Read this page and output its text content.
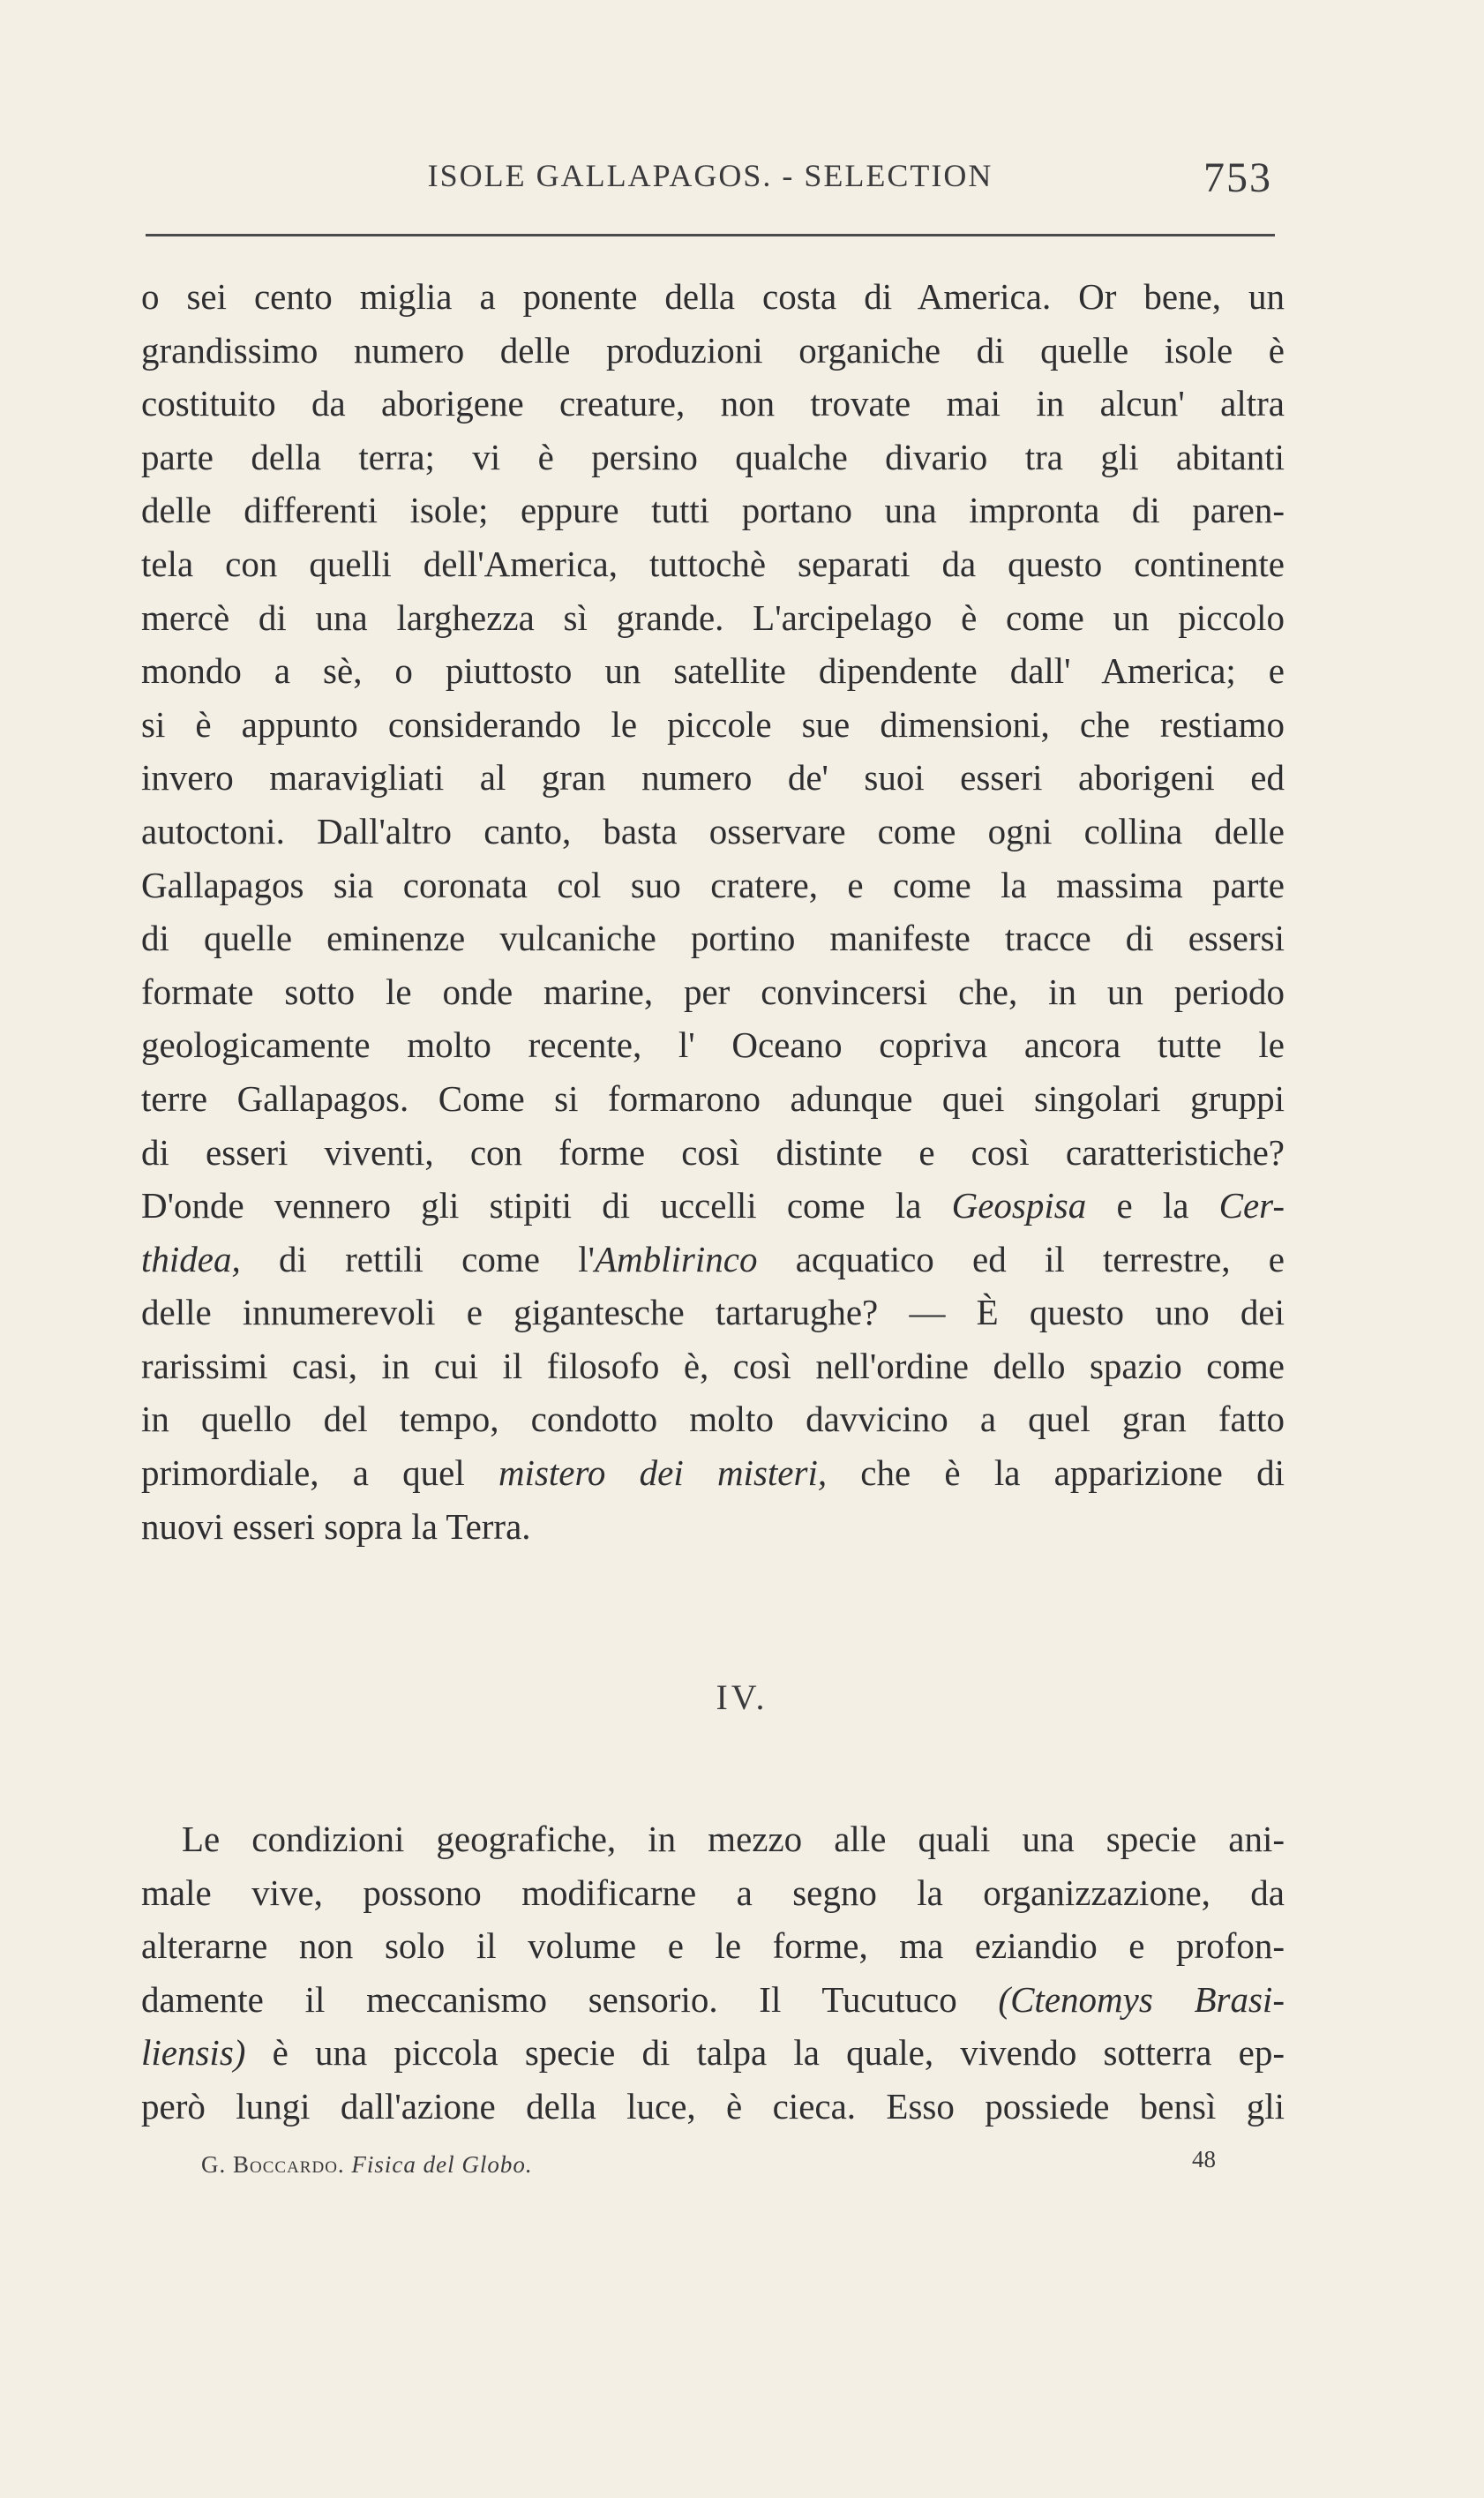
ISOLE GALLAPAGOS. - SELECTION	753
o sei cento miglia a ponente della costa di America. Or bene, un
grandissimo numero delle produzioni organiche di quelle isole è
costituito da aborigene creature, non trovate mai in alcun' altra
parte della terra; vi è persino qualche divario tra gli abitanti
delle differenti isole; eppure tutti portano una impronta di paren-
tela con quelli dell'America, tuttochè separati da questo continente
mercè di una larghezza sì grande. L'arcipelago è come un piccolo
mondo a sè, o piuttosto un satellite dipendente dall' America; e
si è appunto considerando le piccole sue dimensioni, che restiamo
invero maravigliati al gran numero de' suoi esseri aborigeni ed
autoctoni. Dall'altro canto, basta osservare come ogni collina delle
Gallapagos sia coronata col suo cratere, e come la massima parte
di quelle eminenze vulcaniche portino manifeste tracce di essersi
formate sotto le onde marine, per convincersi che, in un periodo
geologicamente molto recente, l' Oceano copriva ancora tutte le
terre Gallapagos. Come si formarono adunque quei singolari gruppi
di esseri viventi, con forme così distinte e così caratteristiche?
D'onde vennero gli stipiti di uccelli come la Geospisa e la Cer-
thidea, di rettili come l'Amblirinco acquatico ed il terrestre, e
delle innumerevoli e gigantesche tartarughe? — È questo uno dei
rarissimi casi, in cui il filosofo è, così nell'ordine dello spazio come
in quello del tempo, condotto molto davvicino a quel gran fatto
primordiale, a quel mistero dei misteri, che è la apparizione di
nuovi esseri sopra la Terra.
IV.
Le condizioni geografiche, in mezzo alle quali una specie ani-
male vive, possono modificarne a segno la organizzazione, da
alterarne non solo il volume e le forme, ma eziandio e profon-
damente il meccanismo sensorio. Il Tucutuco (Ctenomys Brasi-
liensis) è una piccola specie di talpa la quale, vivendo sotterra ep-
però lungi dall'azione della luce, è cieca. Esso possiede bensì gli
G. Boccardo. Fisica del Globo.	48
